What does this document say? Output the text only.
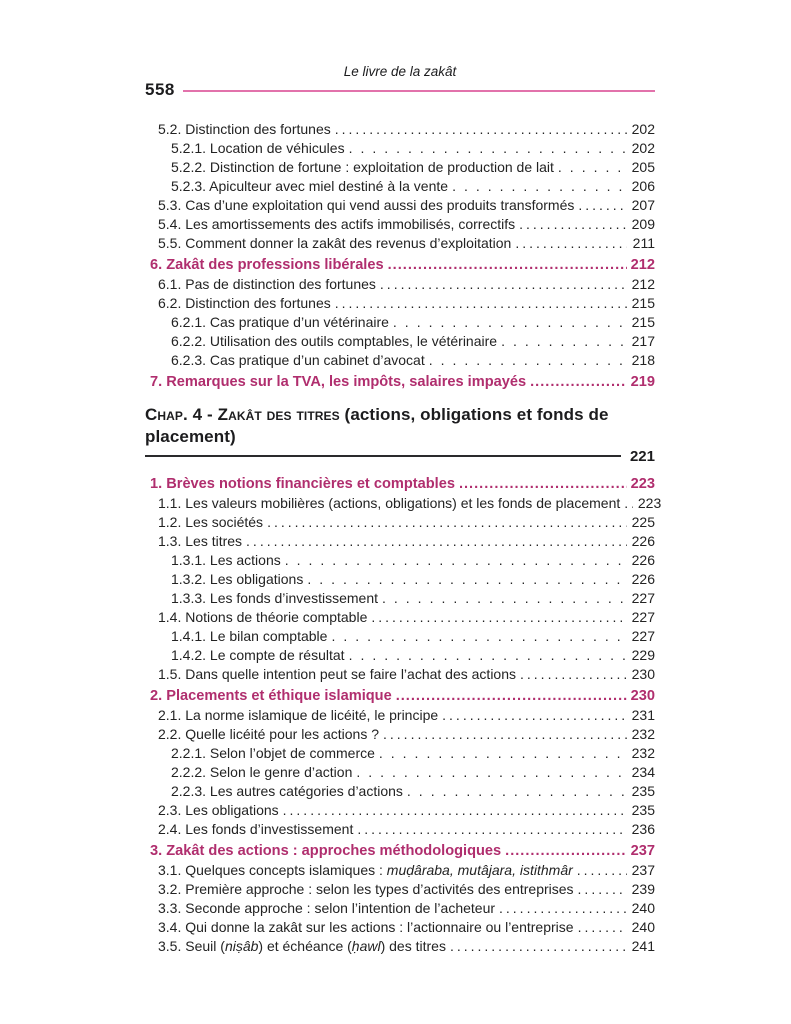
Le livre de la zakât
558
5.2. Distinction des fortunes .....	202
5.2.1. Location de véhicules .....	202
5.2.2. Distinction de fortune : exploitation de production de lait .....	205
5.2.3. Apiculteur avec miel destiné à la vente .....	206
5.3. Cas d’une exploitation qui vend aussi des produits transformés .....	207
5.4. Les amortissements des actifs immobilisés, correctifs .....	209
5.5. Comment donner la zakât des revenus d’exploitation .....	211
6. Zakât des professions libérales .....	212
6.1. Pas de distinction des fortunes .....	212
6.2. Distinction des fortunes .....	215
6.2.1. Cas pratique d’un vétérinaire .....	215
6.2.2. Utilisation des outils comptables, le vétérinaire .....	217
6.2.3. Cas pratique d’un cabinet d’avocat .....	218
7. Remarques sur la TVA, les impôts, salaires impayés .....	219
Chap. 4 - Zakât des titres (actions, obligations et fonds de placement)
221
1. Brèves notions financières et comptables .....	223
1.1. Les valeurs mobilières (actions, obligations) et les fonds de placement .....	223
1.2. Les sociétés .....	225
1.3. Les titres .....	226
1.3.1. Les actions .....	226
1.3.2. Les obligations .....	226
1.3.3. Les fonds d’investissement .....	227
1.4. Notions de théorie comptable .....	227
1.4.1. Le bilan comptable .....	227
1.4.2. Le compte de résultat .....	229
1.5. Dans quelle intention peut se faire l’achat des actions .....	230
2. Placements et éthique islamique .....	230
2.1. La norme islamique de licéité, le principe .....	231
2.2. Quelle licéité pour les actions ? .....	232
2.2.1. Selon l’objet de commerce .....	232
2.2.2. Selon le genre d’action .....	234
2.2.3. Les autres catégories d’actions .....	235
2.3. Les obligations .....	235
2.4. Les fonds d’investissement .....	236
3. Zakât des actions : approches méthodologiques .....	237
3.1. Quelques concepts islamiques : muḍâraba, mutâjara, istithmâr .....	237
3.2. Première approche : selon les types d’activités des entreprises .....	239
3.3. Seconde approche : selon l’intention de l’acheteur .....	240
3.4. Qui donne la zakât sur les actions : l’actionnaire ou l’entreprise .....	240
3.5. Seuil (niṣâb) et échéance (ḥawl) des titres .....	241
